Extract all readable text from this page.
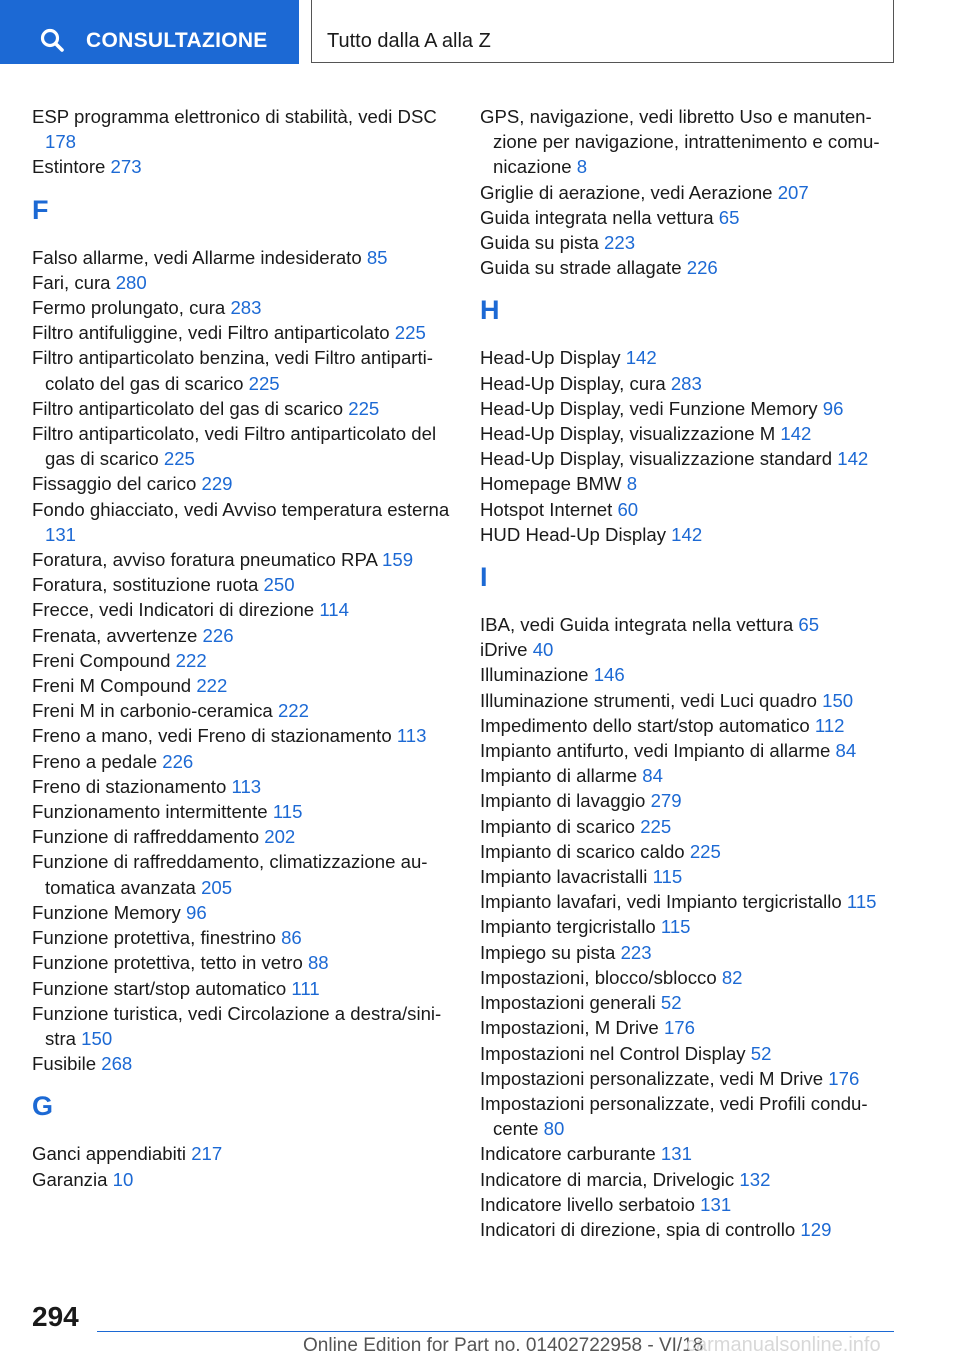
CONSULTAZIONE	Tutto dalla A alla Z

ESP programma elettronico di stabilità, vedi DSC 178

Estintore 273

F

Falso allarme, vedi Allarme indesiderato 85

Fari, cura 280

Fermo prolungato, cura 283

Filtro antifuliggine, vedi Filtro antiparticolato 225

Filtro antiparticolato benzina, vedi Filtro antiparti-colato del gas di scarico 225

Filtro antiparticolato del gas di scarico 225

Filtro antiparticolato, vedi Filtro antiparticolato del gas di scarico 225

Fissaggio del carico 229

Fondo ghiacciato, vedi Avviso temperatura esterna 131

Foratura, avviso foratura pneumatico RPA 159

Foratura, sostituzione ruota 250

Frecce, vedi Indicatori di direzione 114

Frenata, avvertenze 226

Freni Compound 222

Freni M Compound 222

Freni M in carbonio-ceramica 222

Freno a mano, vedi Freno di stazionamento 113

Freno a pedale 226

Freno di stazionamento 113

Funzionamento intermittente 115

Funzione di raffreddamento 202

Funzione di raffreddamento, climatizzazione au-tomatica avanzata 205

Funzione Memory 96

Funzione protettiva, finestrino 86

Funzione protettiva, tetto in vetro 88

Funzione start/stop automatico 111

Funzione turistica, vedi Circolazione a destra/sini-stra 150

Fusibile 268

G

Ganci appendiabiti 217

Garanzia 10

GPS, navigazione, vedi libretto Uso e manuten-zione per navigazione, intrattenimento e comu-nicazione 8

Griglie di aerazione, vedi Aerazione 207

Guida integrata nella vettura 65

Guida su pista 223

Guida su strade allagate 226

H

Head-Up Display 142

Head-Up Display, cura 283

Head-Up Display, vedi Funzione Memory 96

Head-Up Display, visualizzazione M 142

Head-Up Display, visualizzazione standard 142

Homepage BMW 8

Hotspot Internet 60

HUD Head-Up Display 142

I

IBA, vedi Guida integrata nella vettura 65

iDrive 40

Illuminazione 146

Illuminazione strumenti, vedi Luci quadro 150

Impedimento dello start/stop automatico 112

Impianto antifurto, vedi Impianto di allarme 84

Impianto di allarme 84

Impianto di lavaggio 279

Impianto di scarico 225

Impianto di scarico caldo 225

Impianto lavacristalli 115

Impianto lavafari, vedi Impianto tergicristallo 115

Impianto tergicristallo 115

Impiego su pista 223

Impostazioni, blocco/sblocco 82

Impostazioni generali 52

Impostazioni, M Drive 176

Impostazioni nel Control Display 52

Impostazioni personalizzate, vedi M Drive 176

Impostazioni personalizzate, vedi Profili condu-cente 80

Indicatore carburante 131

Indicatore di marcia, Drivelogic 132

Indicatore livello serbatoio 131

Indicatori di direzione, spia di controllo 129

294
Online Edition for Part no. 01402722958 - VI/18
carmanualsonline.info
